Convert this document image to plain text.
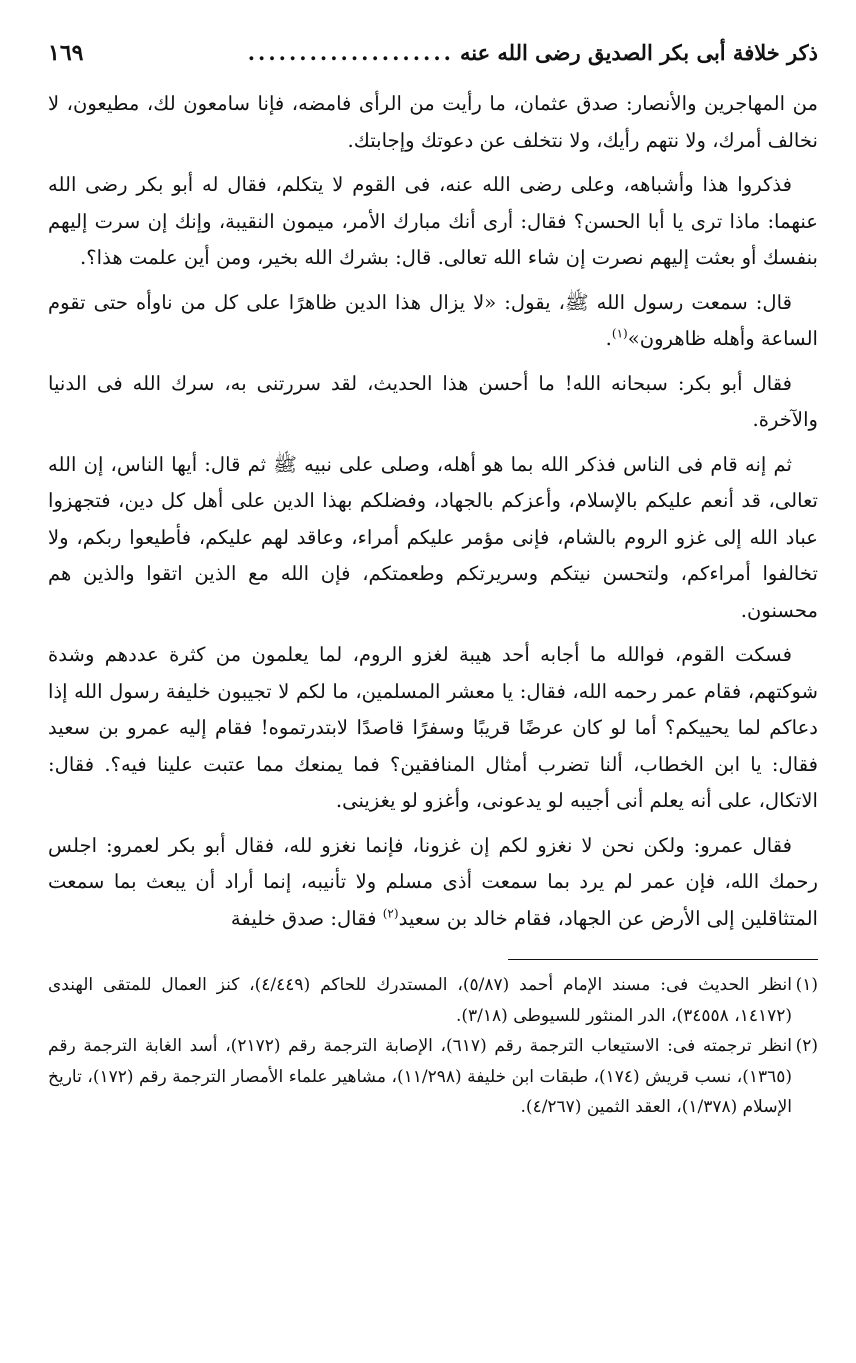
ذكر خلافة أبى بكر الصديق رضى الله عنه
....................
١٦٩

من المهاجرين والأنصار: صدق عثمان، ما رأيت من الرأى فامضه، فإنا سامعون لك، مطيعون، لا نخالف أمرك، ولا نتهم رأيك، ولا نتخلف عن دعوتك وإجابتك.

فذكروا هذا وأشباهه، وعلى رضى الله عنه، فى القوم لا يتكلم، فقال له أبو بكر رضى الله عنهما: ماذا ترى يا أبا الحسن؟ فقال: أرى أنك مبارك الأمر، ميمون النقيبة، وإنك إن سرت إليهم بنفسك أو بعثت إليهم نصرت إن شاء الله تعالى. قال: بشرك الله بخير، ومن أين علمت هذا؟.

قال: سمعت رسول الله ﷺ، يقول: «لا يزال هذا الدين ظاهرًا على كل من ناوأه حتى تقوم الساعة وأهله ظاهرون»$^{(١)}$.

فقال أبو بكر: سبحانه الله! ما أحسن هذا الحديث، لقد سررتنى به، سرك الله فى الدنيا والآخرة.

ثم إنه قام فى الناس فذكر الله بما هو أهله، وصلى على نبيه ﷺ ثم قال: أيها الناس، إن الله تعالى، قد أنعم عليكم بالإسلام، وأعزكم بالجهاد، وفضلكم بهذا الدين على أهل كل دين، فتجهزوا عباد الله إلى غزو الروم بالشام، فإنى مؤمر عليكم أمراء، وعاقد لهم عليكم، فأطيعوا ربكم، ولا تخالفوا أمراءكم، ولتحسن نيتكم وسريرتكم وطعمتكم، فإن الله مع الذين اتقوا والذين هم محسنون.

فسكت القوم، فوالله ما أجابه أحد هيبة لغزو الروم، لما يعلمون من كثرة عددهم وشدة شوكتهم، فقام عمر رحمه الله، فقال: يا معشر المسلمين، ما لكم لا تجيبون خليفة رسول الله إذا دعاكم لما يحييكم؟ أما لو كان عرضًا قريبًا وسفرًا قاصدًا لابتدرتموه! فقام إليه عمرو بن سعيد فقال: يا ابن الخطاب، ألنا تضرب أمثال المنافقين؟ فما يمنعك مما عتبت علينا فيه؟. فقال: الاتكال، على أنه يعلم أنى أجيبه لو يدعونى، وأغزو لو يغزينى.

فقال عمرو: ولكن نحن لا نغزو لكم إن غزونا، فإنما نغزو لله، فقال أبو بكر لعمرو: اجلس رحمك الله، فإن عمر لم يرد بما سمعت أذى مسلم ولا تأنيبه، إنما أراد أن يبعث بما سمعت المتثاقلين إلى الأرض عن الجهاد، فقام خالد بن سعيد$^{(٢)}$ فقال: صدق خليفة

(١)انظر الحديث فى: مسند الإمام أحمد (٥/٨٧)، المستدرك للحاكم (٤/٤٤٩)، كنز العمال للمتقى الهندى (١٤١٧٢، ٣٤٥٥٨)، الدر المنثور للسيوطى (٣/١٨).

(٢)انظر ترجمته فى: الاستيعاب الترجمة رقم (٦١٧)، الإصابة الترجمة رقم (٢١٧٢)، أسد الغابة الترجمة رقم (١٣٦٥)، نسب قريش (١٧٤)، طبقات ابن خليفة (١١/٢٩٨)، مشاهير علماء الأمصار الترجمة رقم (١٧٢)، تاريخ الإسلام (١/٣٧٨)، العقد الثمين (٤/٢٦٧).
